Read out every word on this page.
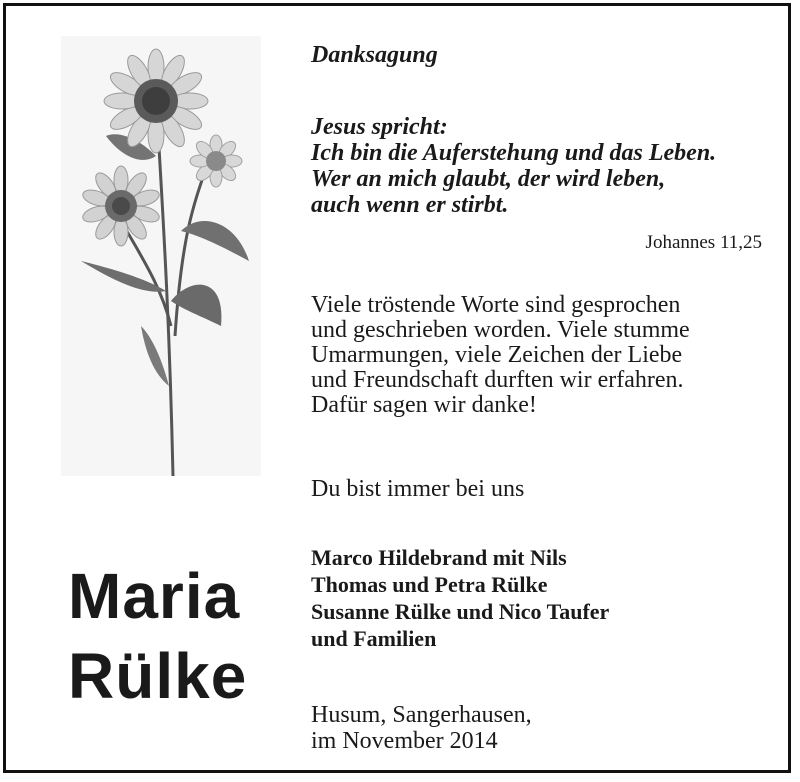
Maria
Rülke
Danksagung
Jesus spricht:
Ich bin die Auferstehung und das Leben.
Wer an mich glaubt, der wird leben,
auch wenn er stirbt.
Johannes 11,25
Viele tröstende Worte sind gesprochen
und geschrieben worden. Viele stumme
Umarmungen, viele Zeichen der Liebe
und Freundschaft durften wir erfahren.
Dafür sagen wir danke!
Du bist immer bei uns
Marco Hildebrand mit Nils
Thomas und Petra Rülke
Susanne Rülke und Nico Taufer
und Familien
Husum, Sangerhausen,
im November 2014
